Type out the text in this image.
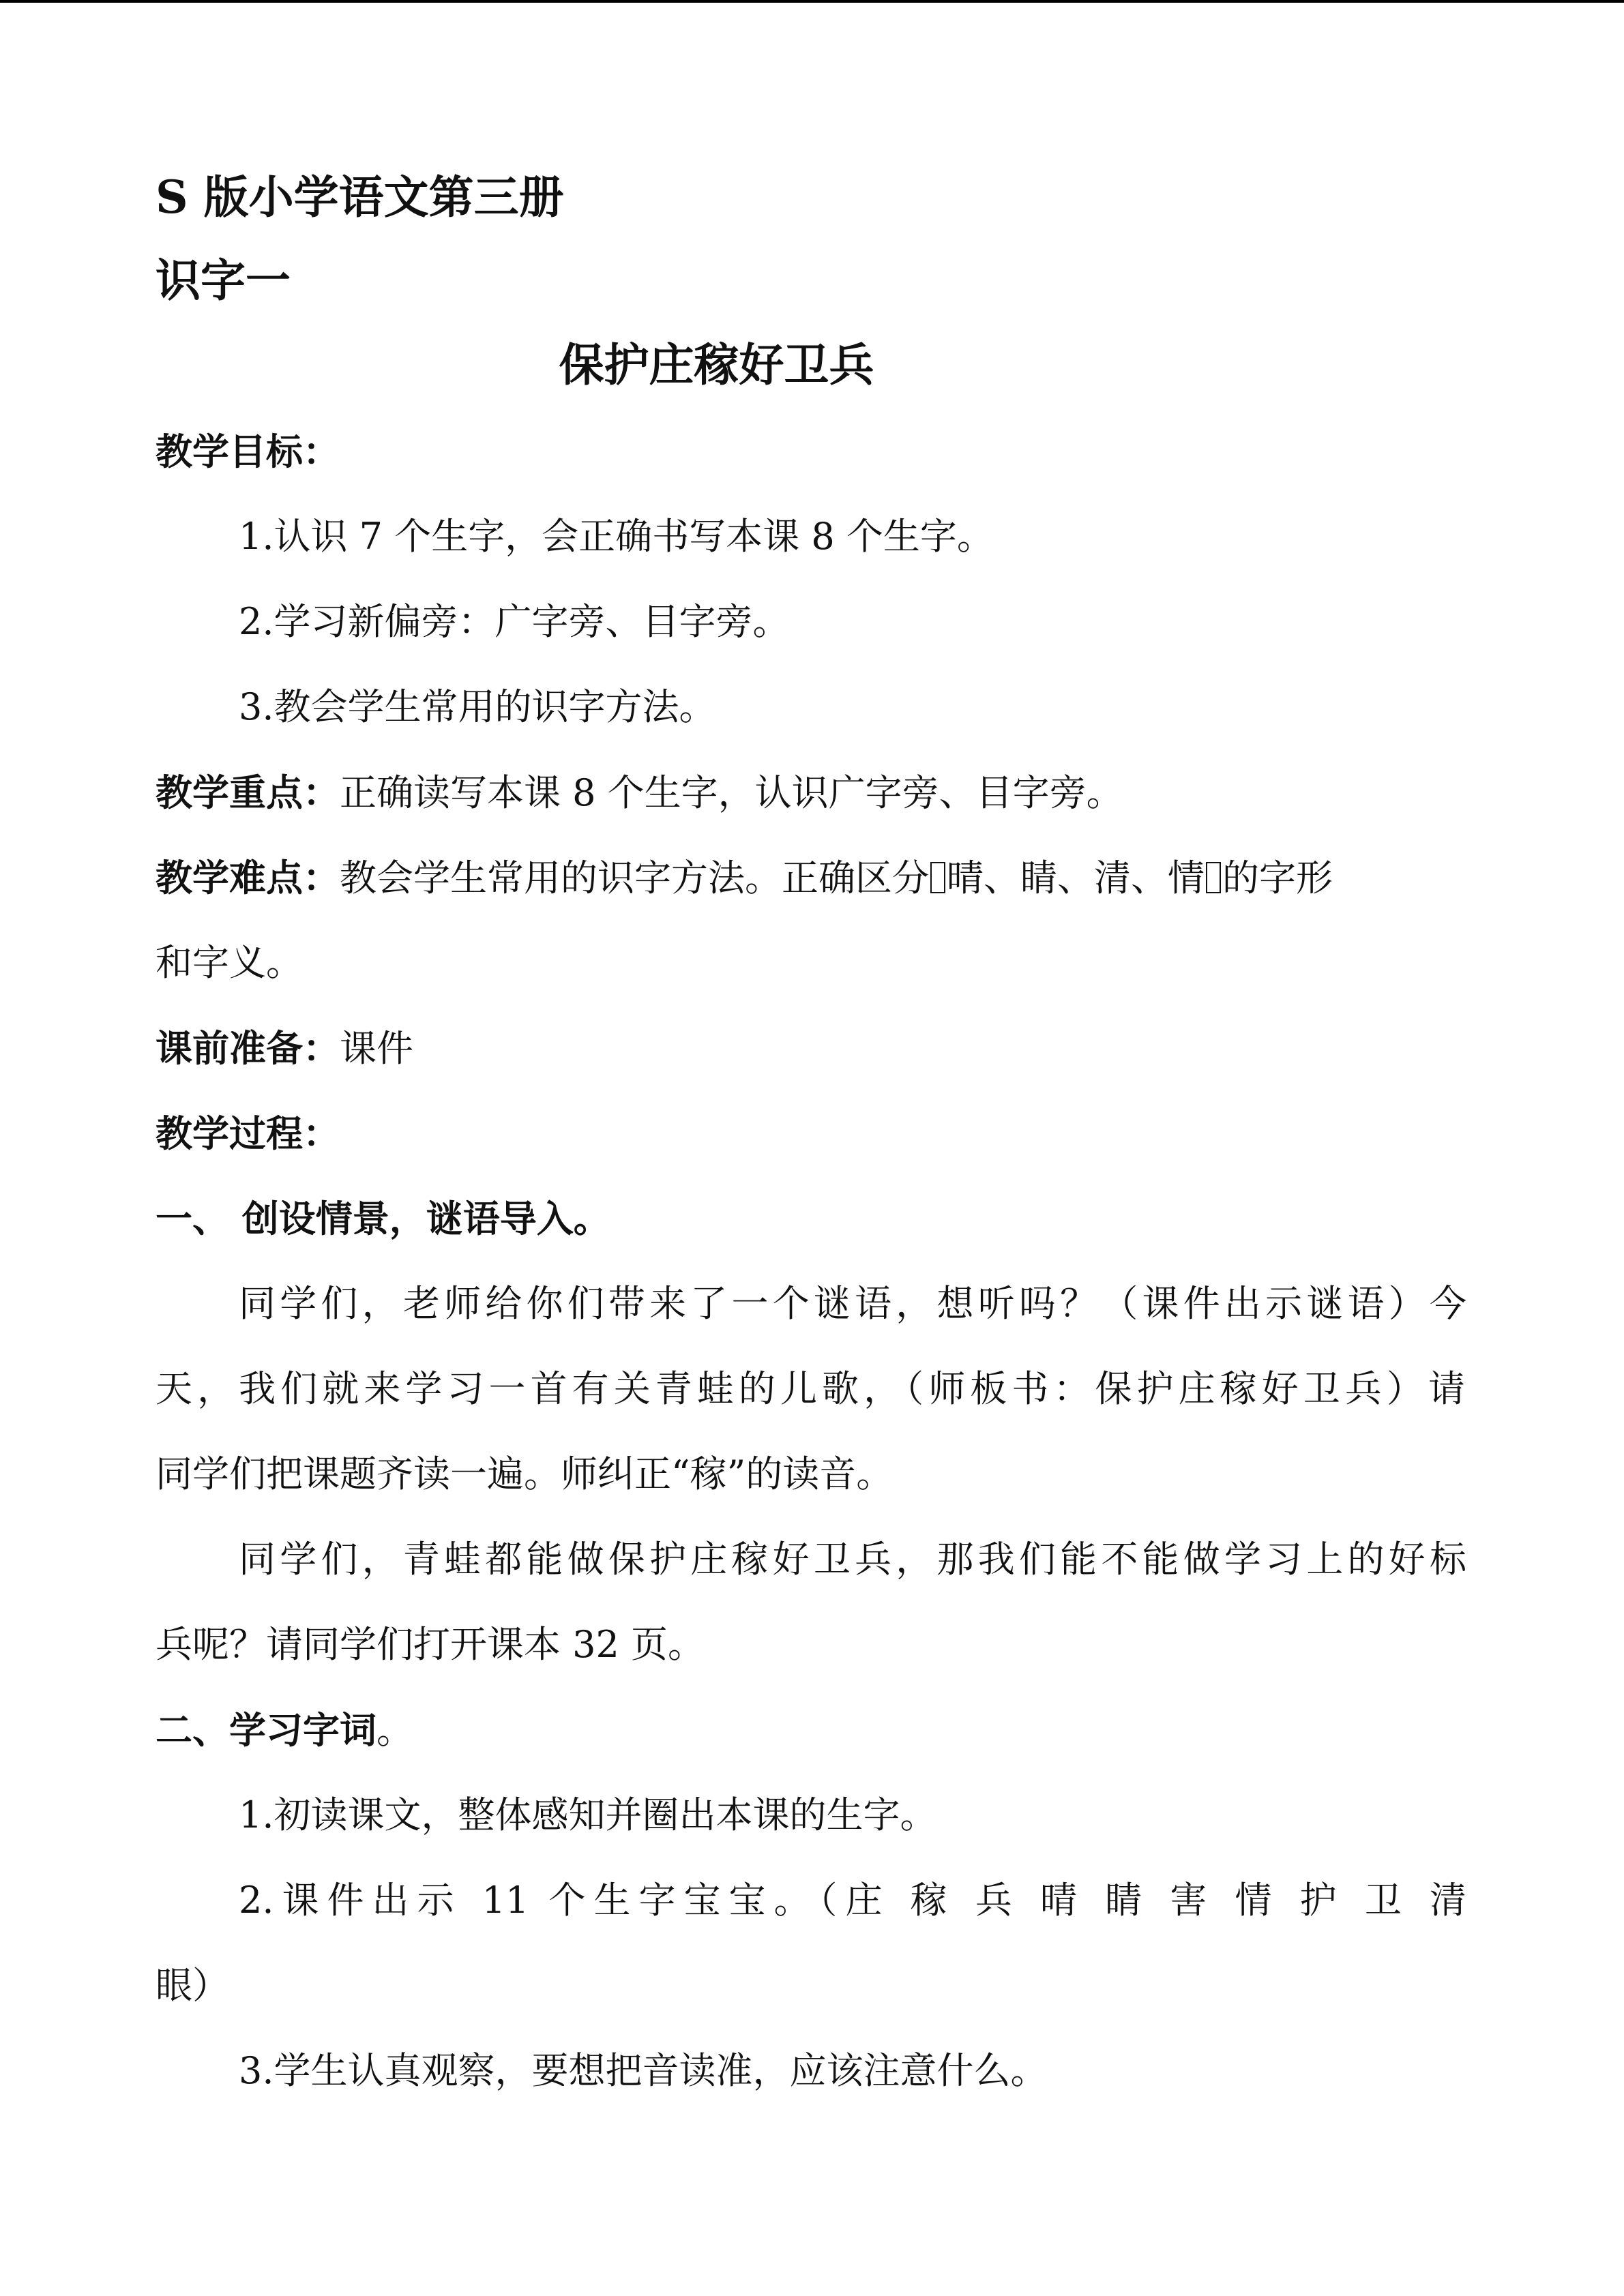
S 版小学语文第三册
识字一
保护庄稼好卫兵
教学目标：
1.认识 7 个生字，会正确书写本课 8 个生字。
2.学习新偏旁：广字旁、目字旁。
3.教会学生常用的识字方法。
教学重点：正确读写本课 8 个生字，认识广字旁、目字旁。
教学难点：教会学生常用的识字方法。正确区分 晴、睛、清、情 的字形
和字义。
课前准备：课件
教学过程：
一、 创设情景，谜语导入。
同学们，老师给你们带来了一个谜语，想听吗？（课件出示谜语）今
天，我们就来学习一首有关青蛙的儿歌，（师板书：保护庄稼好卫兵）请
同学们把课题齐读一遍。师纠正“稼”的读音。
同学们，青蛙都能做保护庄稼好卫兵，那我们能不能做学习上的好标
兵呢？请同学们打开课本 32 页。
二、学习字词。
1.初读课文，整体感知并圈出本课的生字。
2.课件出示 11 个生字宝宝。（庄 稼 兵 晴 睛 害 情 护 卫 清
眼）
3.学生认真观察，要想把音读准，应该注意什么。
